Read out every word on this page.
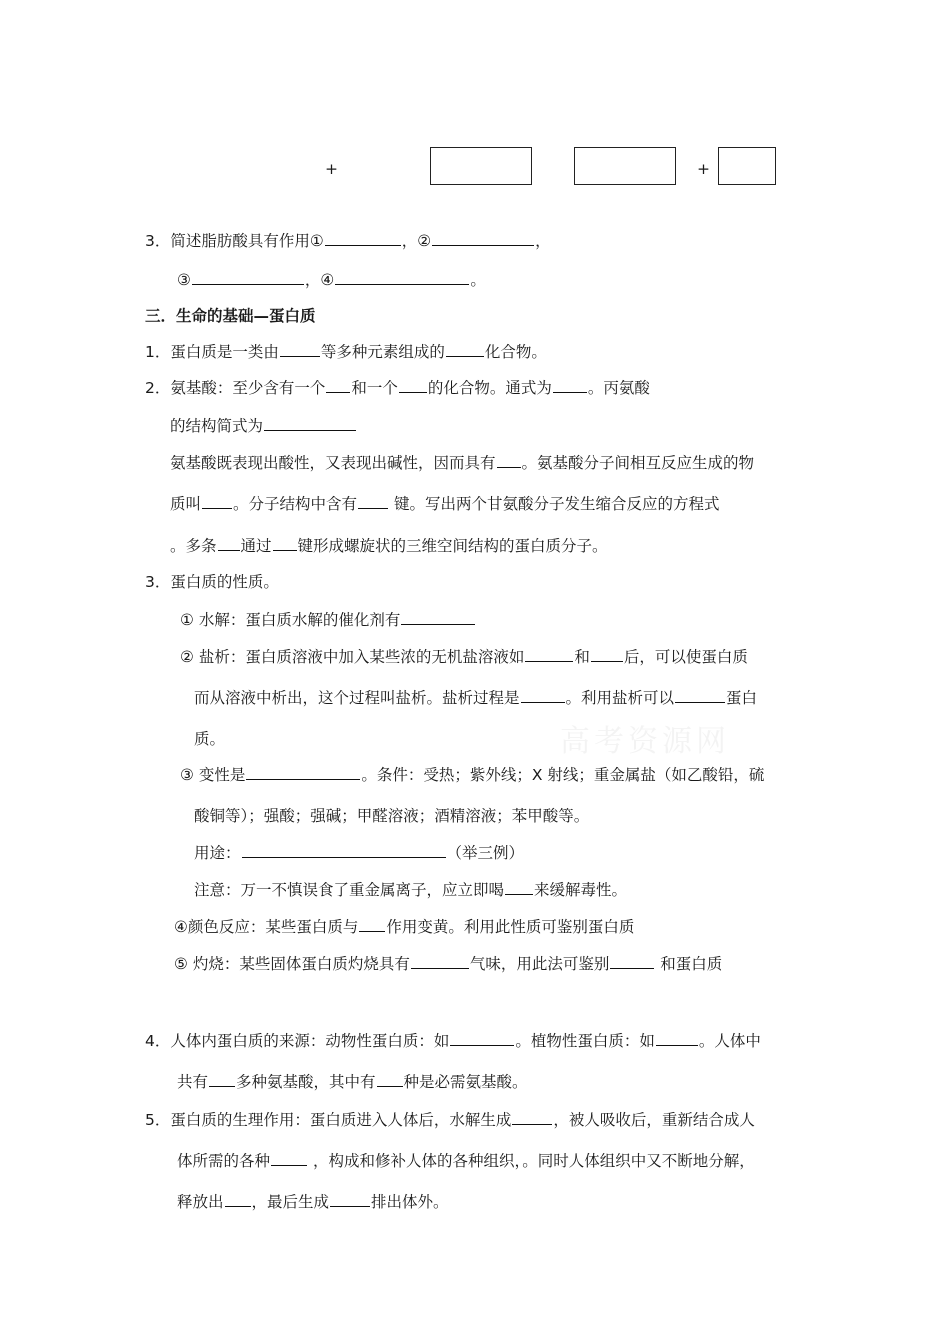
+	+
3．简述脂肪酸具有作用①	，②	，
③	，④	。
三．生命的基础—蛋白质
1．蛋白质是一类由	等多种元素组成的	化合物。
2．氨基酸：至少含有一个 和一个 的化合物。通式为 。丙氨酸
的结构简式为
氨基酸既表现出酸性，又表现出碱性，因而具有 。氨基酸分子间相互反应生成的物
质叫 。分子结构中含有 键。写出两个甘氨酸分子发生缩合反应的方程式
。多条 通过 键形成螺旋状的三维空间结构的蛋白质分子。
3．蛋白质的性质。
① 水解：蛋白质水解的催化剂有
② 盐析：蛋白质溶液中加入某些浓的无机盐溶液如	和 后，可以使蛋白质
而从溶液中析出，这个过程叫盐析。盐析过程是	。利用盐析可以	蛋白
质。	高考资源网
③ 变性是	。条件：受热；紫外线；X 射线；重金属盐（如乙酸铅，硫
酸铜等）；强酸；强碱；甲醛溶液；酒精溶液；苯甲酸等。
用途：	（举三例）
注意：万一不慎误食了重金属离子，应立即喝 来缓解毒性。
④颜色反应：某些蛋白质与 作用变黄。利用此性质可鉴别蛋白质
⑤ 灼烧：某些固体蛋白质灼烧具有	气味，用此法可鉴别	和蛋白质
4．人体内蛋白质的来源：动物性蛋白质：如	。植物性蛋白质：如	。人体中
共有 多种氨基酸，其中有 种是必需氨基酸。
5．蛋白质的生理作用：蛋白质进入人体后，水解生成	，被人吸收后，重新结合成人
体所需的各种 ，构成和修补人体的各种组织，。同时人体组织中又不断地分解，
释放出 ，最后生成	排出体外。
